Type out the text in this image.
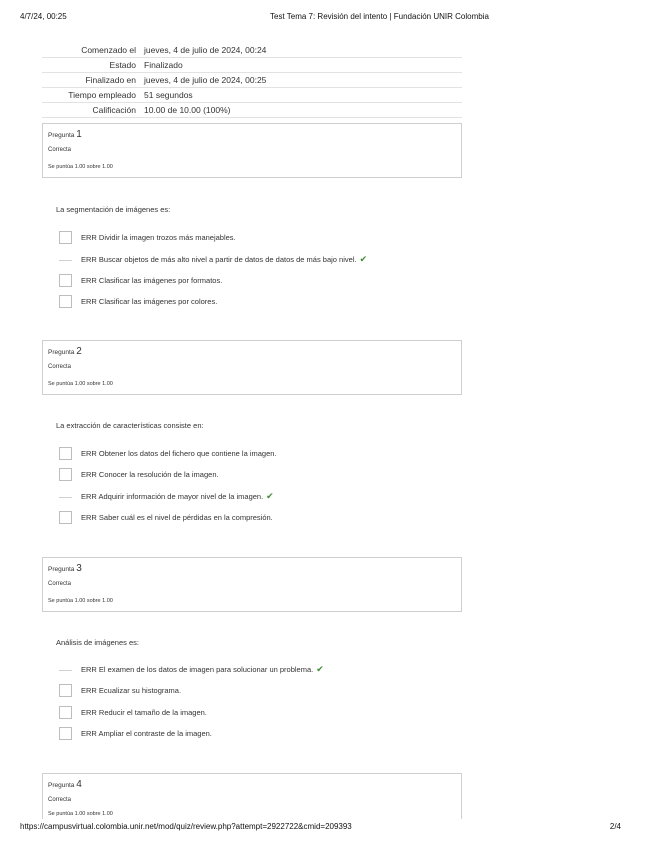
4/7/24, 00:25	Test Tema 7: Revisión del intento | Fundación UNIR Colombia
Comenzado el	jueves, 4 de julio de 2024, 00:24
Estado	Finalizado
Finalizado en	jueves, 4 de julio de 2024, 00:25
Tiempo empleado	51 segundos
Calificación	10.00 de 10.00 (100%)
Pregunta 1
Correcta
Se puntúa 1.00 sobre 1.00
La segmentación de imágenes es:
ERR Dividir la imagen trozos más manejables.
ERR Buscar objetos de más alto nivel a partir de datos de datos de más bajo nivel. ✔
ERR Clasificar las imágenes por formatos.
ERR Clasificar las imágenes por colores.
Pregunta 2
Correcta
Se puntúa 1.00 sobre 1.00
La extracción de características consiste en:
ERR Obtener los datos del fichero que contiene la imagen.
ERR Conocer la resolución de la imagen.
ERR Adquirir información de mayor nivel de la imagen. ✔
ERR Saber cuál es el nivel de pérdidas en la compresión.
Pregunta 3
Correcta
Se puntúa 1.00 sobre 1.00
Análisis de imágenes es:
ERR El examen de los datos de imagen para solucionar un problema. ✔
ERR Ecualizar su histograma.
ERR Reducir el tamaño de la imagen.
ERR Ampliar el contraste de la imagen.
Pregunta 4
Correcta
Se puntúa 1.00 sobre 1.00
https://campusvirtual.colombia.unir.net/mod/quiz/review.php?attempt=2922722&cmid=209393	2/4
